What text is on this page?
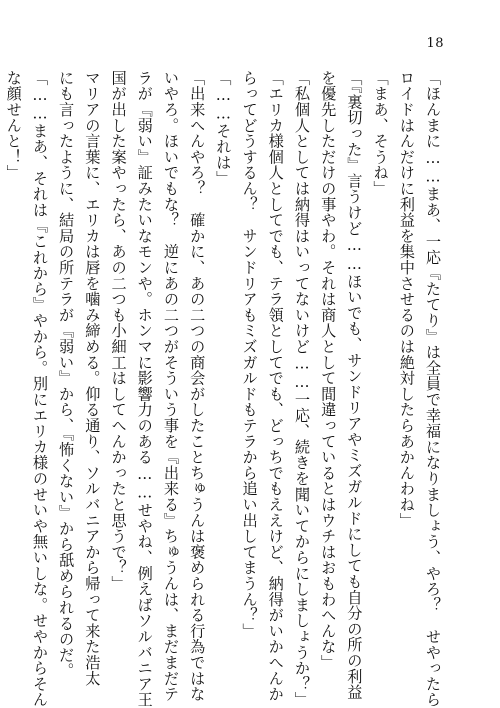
18
「ほんまに……まあ、一応『たてり』は全員で幸福になりましょう、やろ？　せやったら
ロイドはんだけに利益を集中させるのは絶対したらあかんわね」
「まあ、そうね」
「『裏切った』言うけど……ほいでも、サンドリアやミズガルドにしても自分の所の利益
を優先しただけの事やわ。それは商人として間違っているとはウチはおもわへんな」
「私個人としては納得はいってないけど……一応、続きを聞いてからにしましょうか？」
「エリカ様個人としてでも、テラ領としてでも、どっちでもええけど、納得がいかへんか
らってどうするん？　サンドリアもミズガルドもテラから追い出してまうん？」
「……それは」
「出来へんやろ？　確かに、あの二つの商会がしたことちゅうんは褒められる行為ではな
いやろ。ほいでもな？　逆にあの二つがそういう事を『出来る』ちゅうんは、まだまだテ
ラが『弱い』証みたいなモンや。ホンマに影響力のある……せやね、例えばソルバニア王
国が出した案やったら、あの二つも小細工はしてへんかったと思うで？」
マリアの言葉に、エリカは唇を噛み締める。仰る通り、ソルバニアから帰って来た浩太
にも言ったように、結局の所テラが『弱い』から、『怖くない』から舐められるのだ。
「……まあ、それは『これから』やから。別にエリカ様のせいや無いしな。せやからそん
な顔せんと！」
